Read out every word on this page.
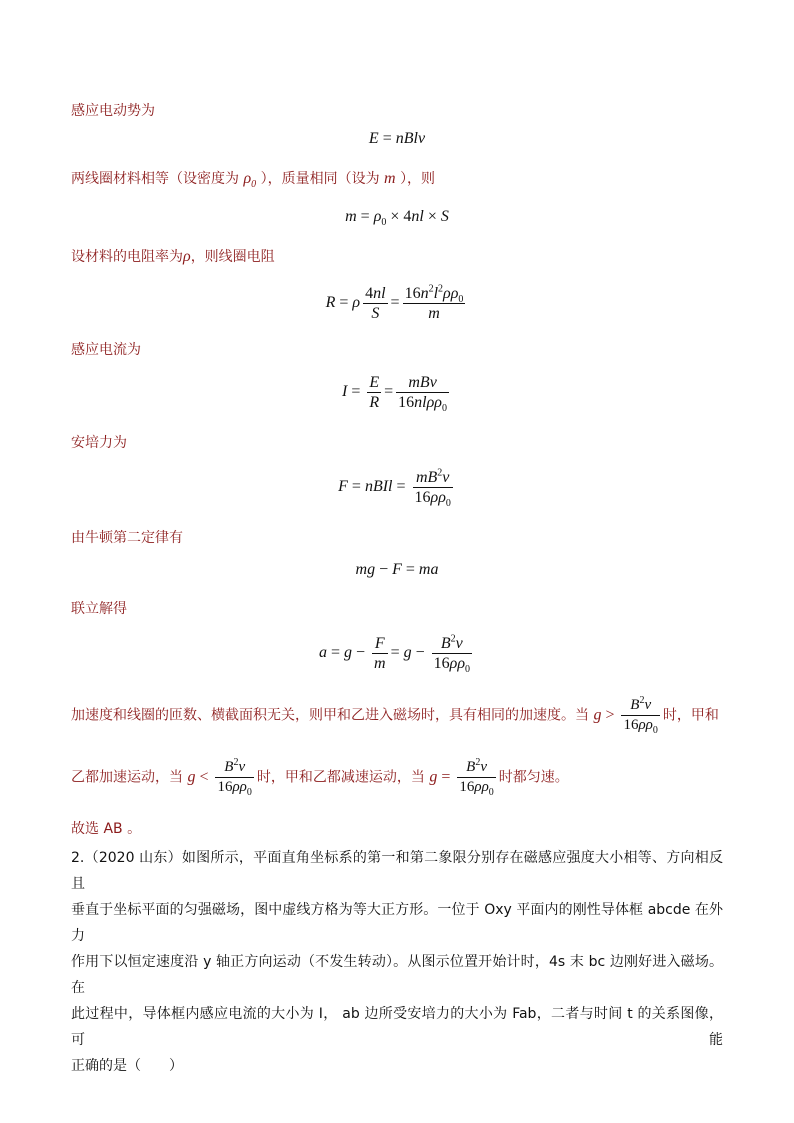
感应电动势为
E = nBlv
两线圈材料相等（设密度为 $\rho_0$ ），质量相同（设为 m ），则
$m = \rho_0 \times 4nl \times S$
设材料的电阻率为ρ，则线圈电阻
R = ρ $\frac{4nl}{S} = \frac{16n^2l^2\rho\rho_0}{m}$
感应电流为
$I = \frac{E}{R} = \frac{\text{mBv}}{16nl\rho\rho_0}$
安培力为
F = nBIl = $\frac{mB^2v}{16\rho\rho_0}$
由牛顿第二定律有
mg − F = ma
联立解得
$a = g - \frac{F}{m} = g - \frac{B^2v}{16\rho\rho_0}$
加速度和线圈的匝数、横截面积无关，则甲和乙进入磁场时，具有相同的加速度。当 $g > \frac{B^2v}{16\rho\rho_0}$ 时，甲和
乙都加速运动，当 $g < \frac{B^2v}{16\rho\rho_0}$ 时，甲和乙都减速运动，当 $g = \frac{B^2v}{16\rho\rho_0}$ 时都匀速。
故选 AB 。
2.（2020 山东）如图所示，平面直角坐标系的第一和第二象限分别存在磁感应强度大小相等、方向相反且
垂直于坐标平面的匀强磁场，图中虚线方格为等大正方形。一位于 Oxy 平面内的刚性导体框 abcde 在外力
作用下以恒定速度沿 y 轴正方向运动（不发生转动）。从图示位置开始计时，4s 末 bc 边刚好进入磁场。在
此过程中，导体框内感应电流的大小为 I， ab 边所受安培力的大小为 Fab，二者与时间 t 的关系图像，可能
正确的是（　　）
